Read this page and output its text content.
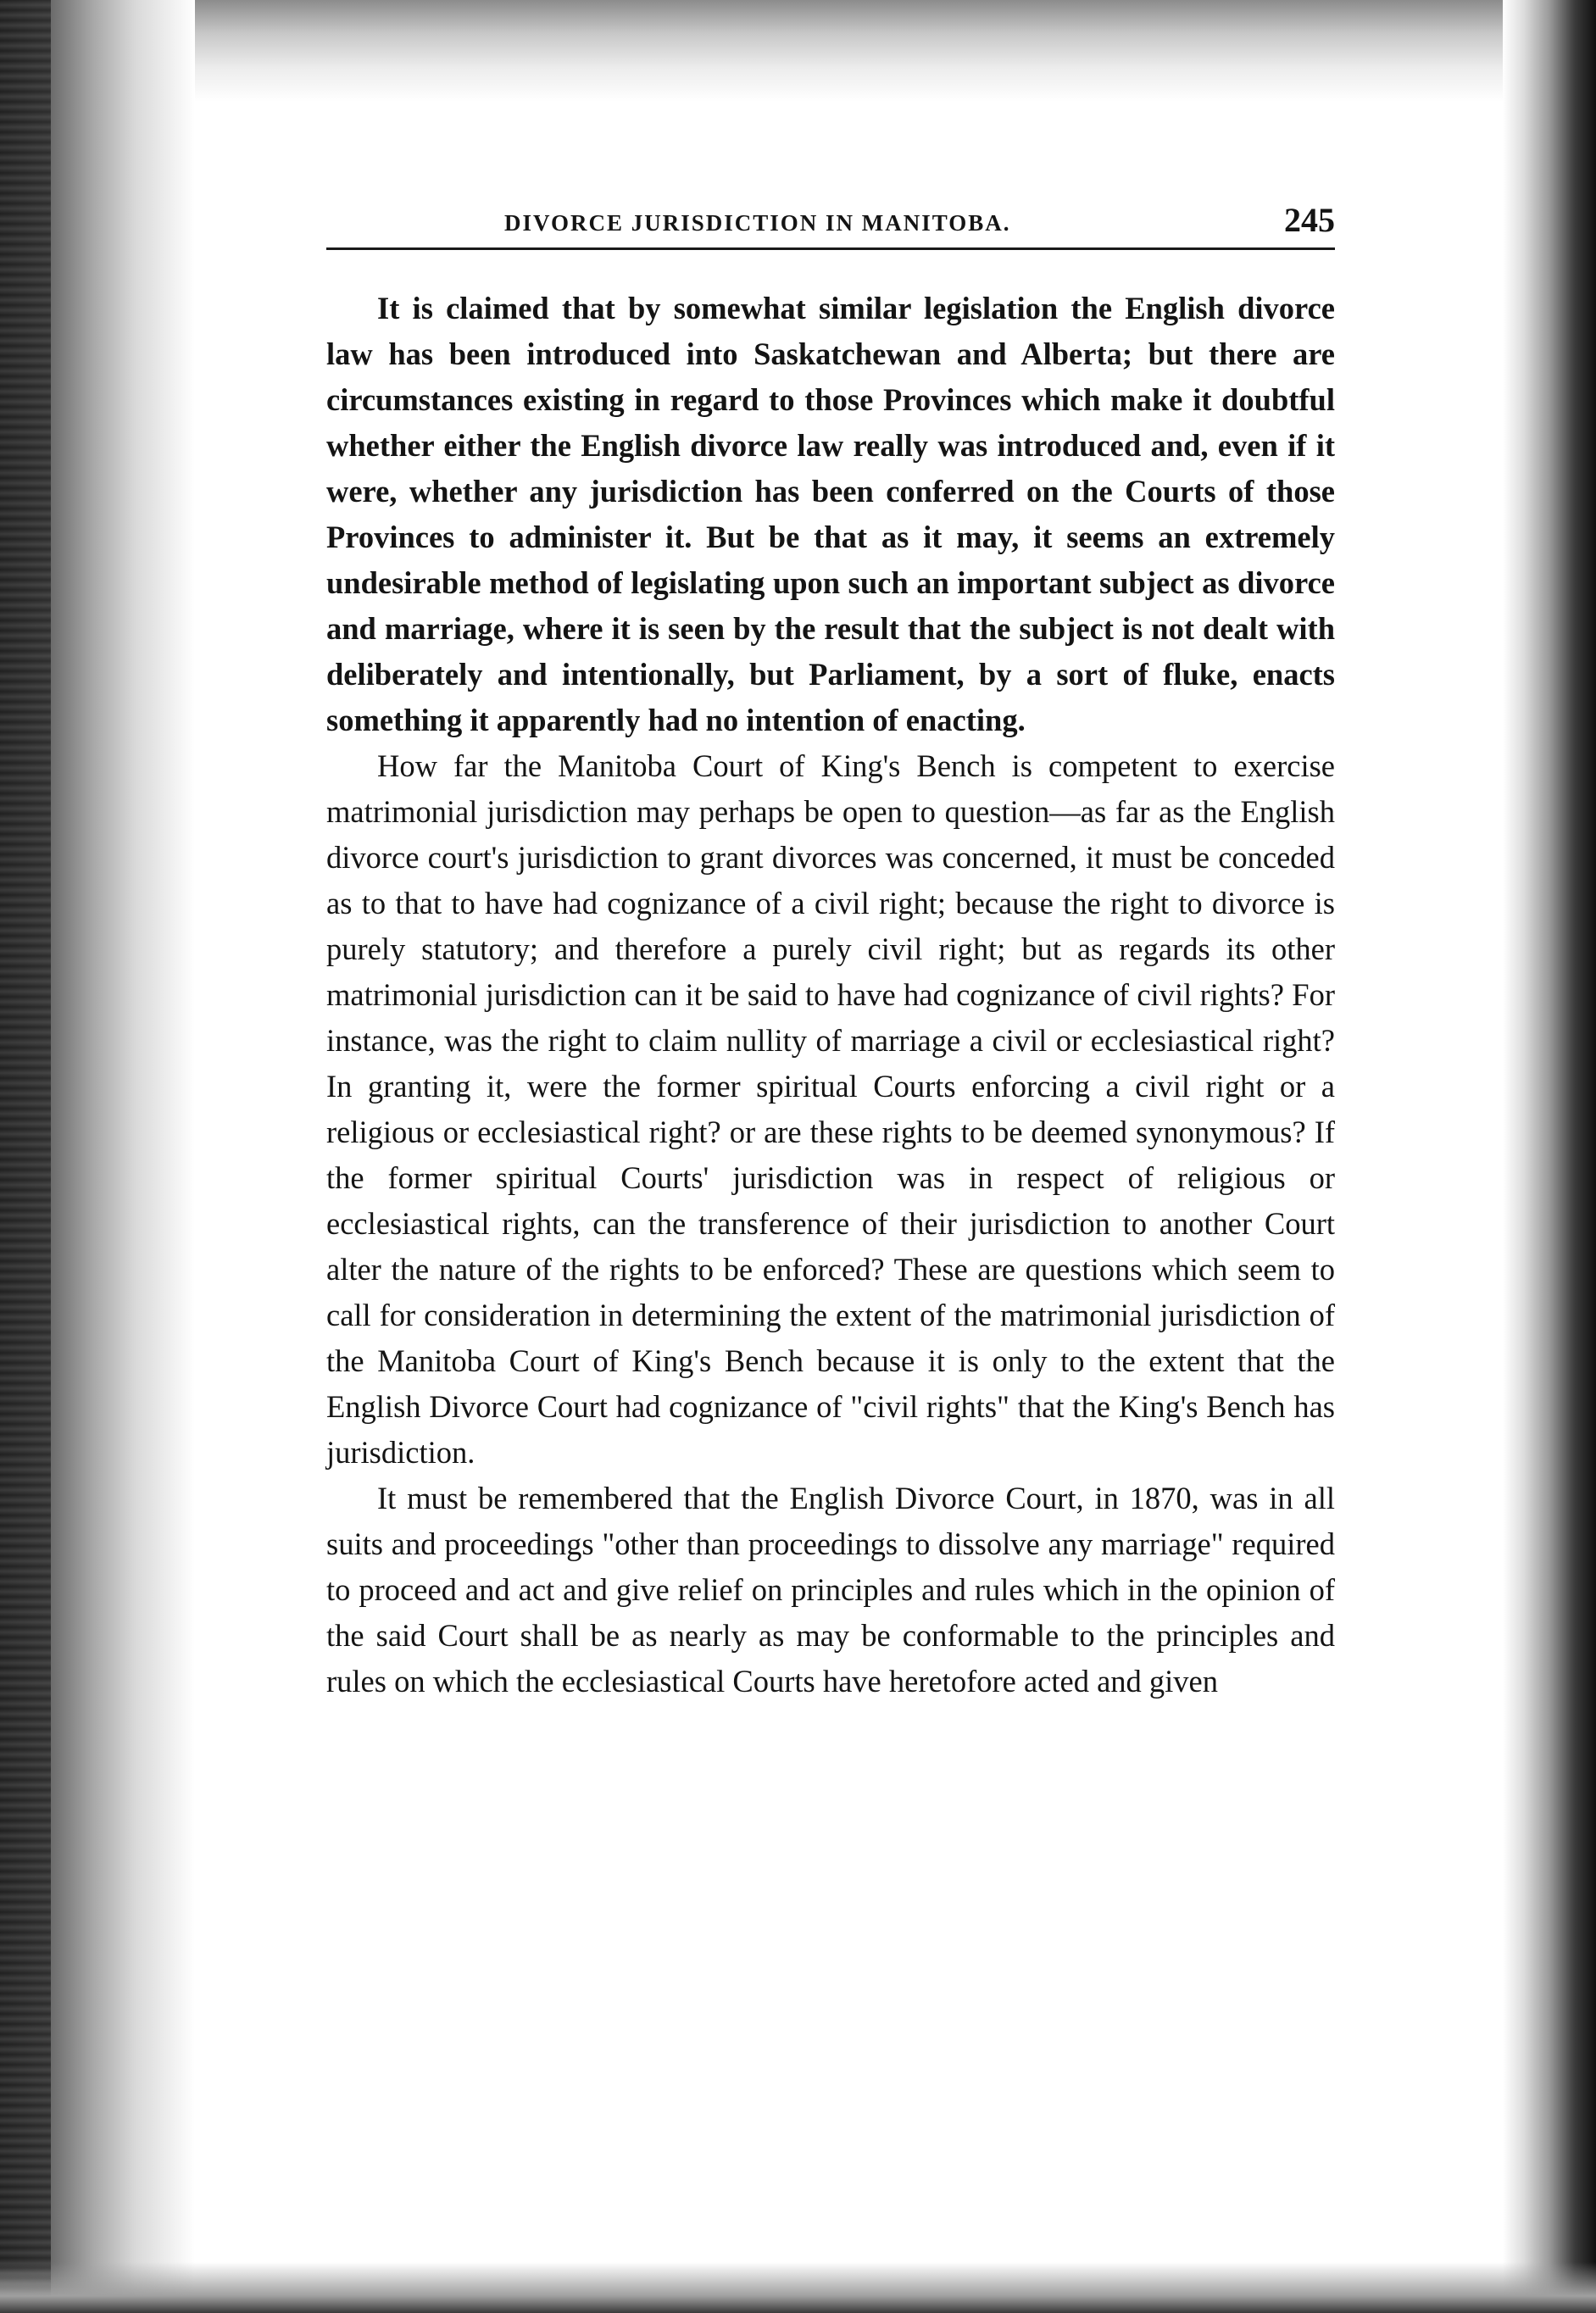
DIVORCE JURISDICTION IN MANITOBA.	245

It is claimed that by somewhat similar legislation the English divorce law has been introduced into Saskatchewan and Alberta; but there are circumstances existing in regard to those Provinces which make it doubtful whether either the English divorce law really was introduced and, even if it were, whether any jurisdiction has been conferred on the Courts of those Provinces to administer it. But be that as it may, it seems an extremely undesirable method of legislating upon such an important subject as divorce and marriage, where it is seen by the result that the subject is not dealt with deliberately and intentionally, but Parliament, by a sort of fluke, enacts something it apparently had no intention of enacting.

How far the Manitoba Court of King's Bench is competent to exercise matrimonial jurisdiction may perhaps be open to question—as far as the English divorce court's jurisdiction to grant divorces was concerned, it must be conceded as to that to have had cognizance of a civil right; because the right to divorce is purely statutory; and therefore a purely civil right; but as regards its other matrimonial jurisdiction can it be said to have had cognizance of civil rights? For instance, was the right to claim nullity of marriage a civil or ecclesiastical right? In granting it, were the former spiritual Courts enforcing a civil right or a religious or ecclesiastical right? or are these rights to be deemed synonymous? If the former spiritual Courts' jurisdiction was in respect of religious or ecclesiastical rights, can the transference of their jurisdiction to another Court alter the nature of the rights to be enforced? These are questions which seem to call for consideration in determining the extent of the matrimonial jurisdiction of the Manitoba Court of King's Bench because it is only to the extent that the English Divorce Court had cognizance of "civil rights" that the King's Bench has jurisdiction.

It must be remembered that the English Divorce Court, in 1870, was in all suits and proceedings "other than proceedings to dissolve any marriage" required to proceed and act and give relief on principles and rules which in the opinion of the said Court shall be as nearly as may be conformable to the principles and rules on which the ecclesiastical Courts have heretofore acted and given
